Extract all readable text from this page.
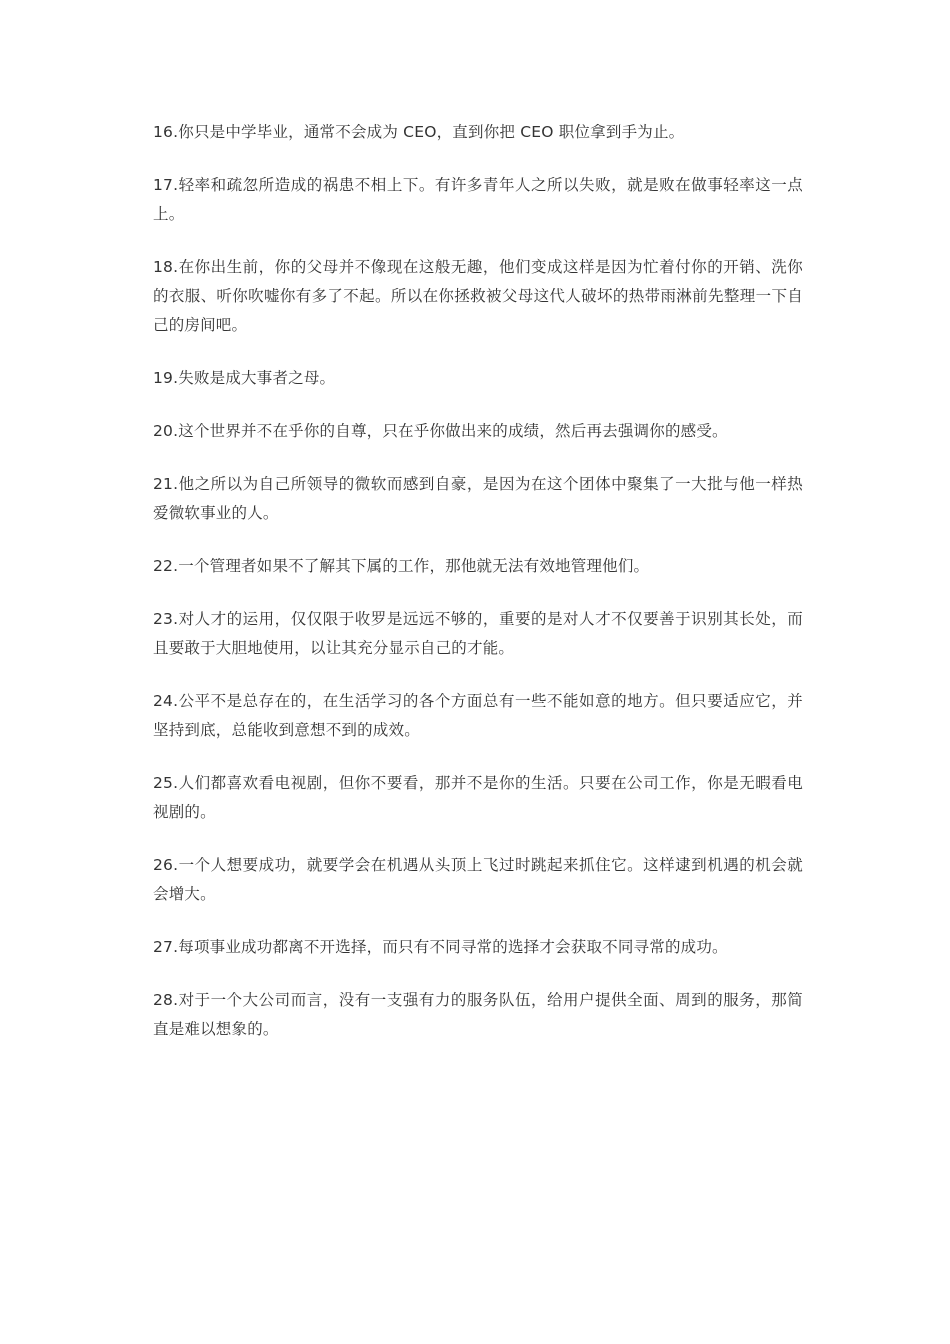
16.你只是中学毕业，通常不会成为 CEO，直到你把 CEO 职位拿到手为止。

17.轻率和疏忽所造成的祸患不相上下。有许多青年人之所以失败，就是败在做事轻率这一点上。

18.在你出生前，你的父母并不像现在这般无趣，他们变成这样是因为忙着付你的开销、洗你的衣服、听你吹嘘你有多了不起。所以在你拯救被父母这代人破坏的热带雨淋前先整理一下自己的房间吧。

19.失败是成大事者之母。

20.这个世界并不在乎你的自尊，只在乎你做出来的成绩，然后再去强调你的感受。

21.他之所以为自己所领导的微软而感到自豪，是因为在这个团体中聚集了一大批与他一样热爱微软事业的人。

22.一个管理者如果不了解其下属的工作，那他就无法有效地管理他们。

23.对人才的运用，仅仅限于收罗是远远不够的，重要的是对人才不仅要善于识别其长处，而且要敢于大胆地使用，以让其充分显示自己的才能。

24.公平不是总存在的，在生活学习的各个方面总有一些不能如意的地方。但只要适应它，并坚持到底，总能收到意想不到的成效。

25.人们都喜欢看电视剧，但你不要看，那并不是你的生活。只要在公司工作，你是无暇看电视剧的。

26.一个人想要成功，就要学会在机遇从头顶上飞过时跳起来抓住它。这样逮到机遇的机会就会增大。

27.每项事业成功都离不开选择，而只有不同寻常的选择才会获取不同寻常的成功。

28.对于一个大公司而言，没有一支强有力的服务队伍，给用户提供全面、周到的服务，那简直是难以想象的。
